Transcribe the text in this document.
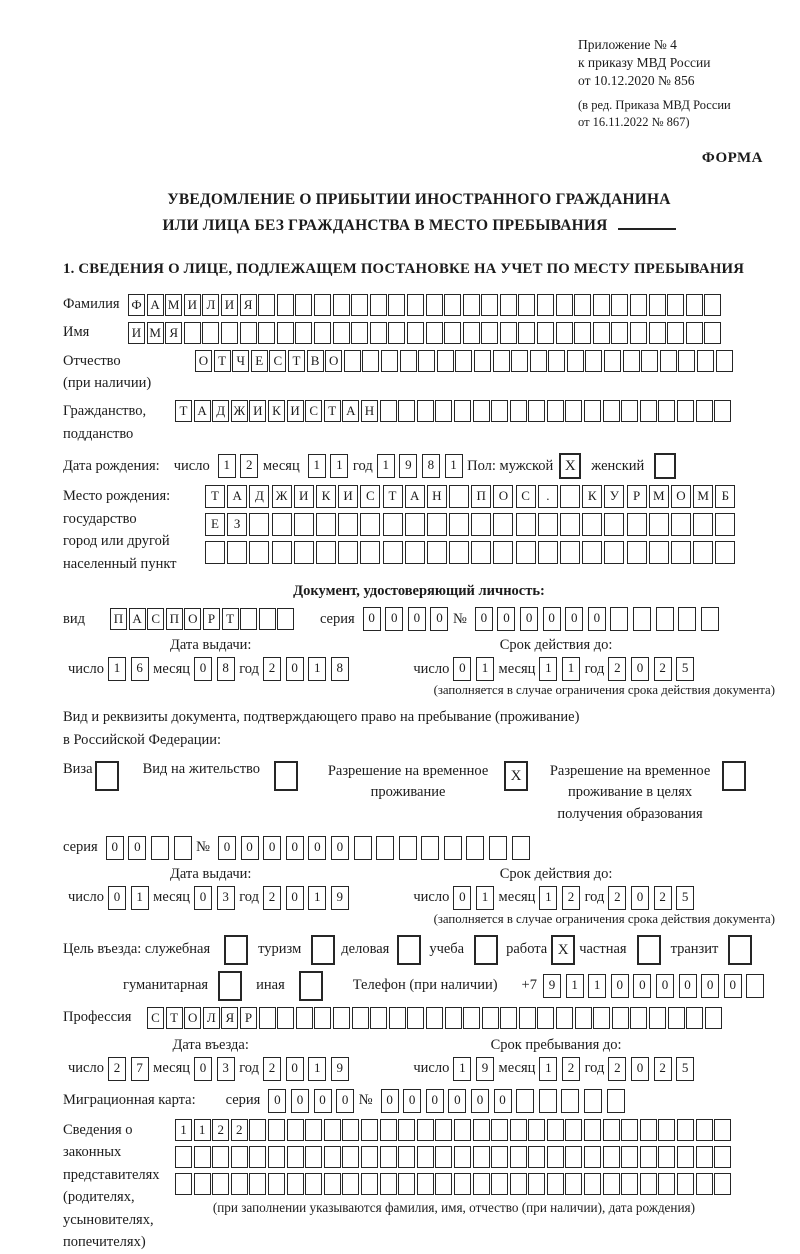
Приложение № 4
к приказу МВД России
от 10.12.2020 № 856
(в ред. Приказа МВД России
от 16.11.2022 № 867)
ФОРМА
УВЕДОМЛЕНИЕ О ПРИБЫТИИ ИНОСТРАННОГО ГРАЖДАНИНА
ИЛИ ЛИЦА БЕЗ ГРАЖДАНСТВА В МЕСТО ПРЕБЫВАНИЯ
1. СВЕДЕНИЯ О ЛИЦЕ, ПОДЛЕЖАЩЕМ ПОСТАНОВКЕ НА УЧЕТ ПО МЕСТУ ПРЕБЫВАНИЯ
Фамилия Ф А М И Л И Я
Имя	И М Я
Отчество
(при наличии)
О Т Ч Е С Т В О
Гражданство,
подданство
Т А Д Ж И К И С Т А Н
Дата рождения: число	1	2 месяц	1	1 год 1	9	8	1 Пол: мужской X	женский
Место рождения:
государство
город или другой
населенный пункт
Т	А	Д Ж И	К	И	С	Т	А Н	П О	С	.	К	У	Р М О М Б
Е	З
Документ, удостоверяющий личность:
вид	П А С П О Р Т	серия	0	0	0	0 №	0	0	0	0	0	0
Дата выдачи:
число 1	6 месяц 0	8 год 2	0	1	8
Срок действия до:
число 0	1 месяц 1	1 год 2	0	2	5
(заполняется в случае ограничения срока действия документа)
Вид и реквизиты документа, подтверждающего право на пребывание (проживание)
в Российской Федерации:
Виза	Вид на жительство	Разрешение на временное
проживание
X	Разрешение на временное
проживание в целях
получения образования
серия	0	0	№	0	0	0	0	0	0
Дата выдачи:
число 0	1 месяц 0	3 год 2	0	1	9
Срок действия до:
число 0	1 месяц 1	2 год 2	0	2	5
(заполняется в случае ограничения срока действия документа)
Цель въезда: служебная	туризм	деловая	учеба	работа X частная	транзит
гуманитарная	иная	Телефон (при наличии) +7 9	1	1	0	0	0	0	0	0
Профессия	С Т О Л Я Р
Дата въезда:
число 2	7 месяц 0	3 год 2	0	1	9
Срок пребывания до:
число 1	9 месяц 1	2 год 2	0	2	5
Миграционная карта: серия	0	0	0	0 №	0	0	0	0	0	0
Сведения о
законных
представителях
(родителях,
усыновителях,
попечителях)
1 1 2 2
(при заполнении указываются фамилия, имя, отчество (при наличии), дата рождения)
